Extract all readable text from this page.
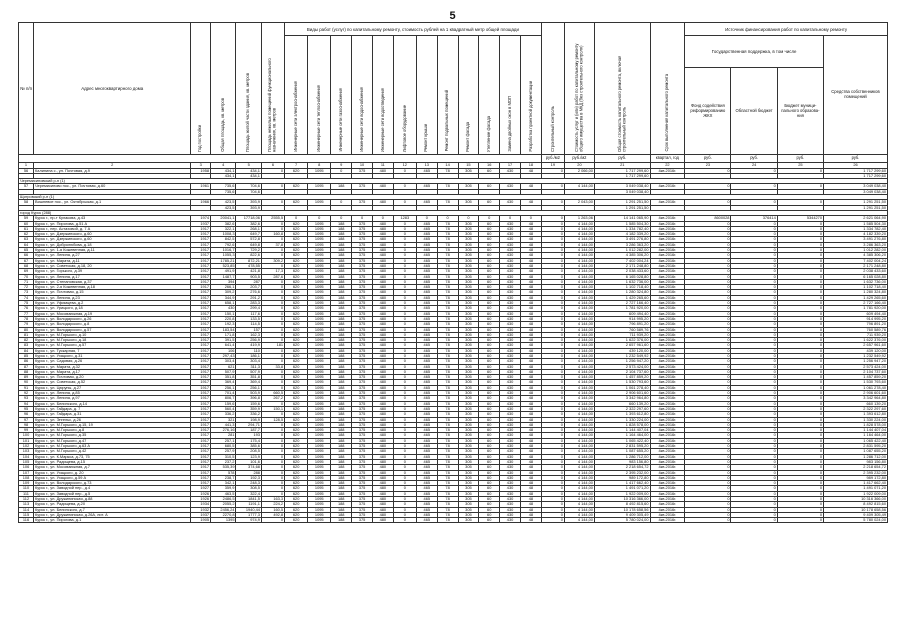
5
№ п/п	Адрес многоквартирного дома	Год постройки	Общая площадь, кв. метров	Площадь жилой части здания, кв. метров	Площадь нежилых помещений функционального назначения, кв. метров	Виды работ (услуг) по капитальному ремонту, стоимость рублей на 1 квадратный метр общей площади												Строительный контроль	Стоимость услуг и (или) работ по капитальному ремонту общего имущества в МКД (без строительного контроля)	Общая стоимость капитального ремонта, включая строительный контроль	Срок выполнения капитального ремонта	Источник финансирования работ по капитальному ремонту			
						Инженерные сети электроснабжения	Инженерные сети теплоснабжения	Инженерные сети газоснабжения	Инженерные сети водоснабжения	Инженерные сети водоотведения	Лифтовое оборудование	Ремонт крыши	Ремонт подвальных помещений	Ремонт фасада	Утепление фасада	Замена двойных окон в МОП	Разработка проектной документации					Государственная поддержка, в том числе			Средства собственников помещений
																						Фонд содействия реформированию ЖКХ	Областной бюджет	Бюджет муници- пального образова- ния	
																		руб./м2	руб./м2	руб.	квартал, год	руб.	руб.	руб.	руб.
1	2	3	4	5	6	7	8	9	10	11	12	13	14	15	16	17	18	19	20	21	22	23	24	25	26
56	Калинина с., ул. Почтовая, д.9	1958	434,1	434,1	0	620	1095	0	375	480	0	465	78	305	60	430	48	0	2 066,00	1 717 299,60	4кв.2016г.	0	0	0	1 717 299,60
			434,1	434,1																1 717 299,60					1 717 299,60
Черемисиновский р-н (1)																									
57	Черемисиново пос., ул. Почтовая, д.60	1961	735,6	704,6	0	620	1095	188	375	480	0	465	78	305	60	430	48	0	4 144,00	3 049 038,40	4кв.2016г.	0	0	0	3 049 038,40
			735,6	704,6																3 049 038,40					3 049 038,40
Щигровский р-н (1)																									
58	Вишневое пос., ул. Октябрьская, д.1	1966	423,5	393,9	0	620	1095	0	375	480	0	465	78	305	60	430	48	0	2 043,00	1 291 251,50	4кв.2016г.	0	0	0	1 291 251,50
			423,5	393,9																1 291 251,50					1 291 251,50
город Курск (288)																									
59	Курск г., пр-т Кулакова, д.43	1974	20041,1	17718,06	2555,5	0	0	0	0	0	1283	0	0	0	0	0	0	0	1 263,06	14 141 065,90	4кв.2016г.	8600028	376414	5344270	2 621 064,90
60	Курск г., ул. Пирогова, д.51 А	1937	382,6	382,6	0	620	1095	188	375	480	0	465	78	305	60	430	48	0	4 144,00	1 585 504,30	4кв.2016г.	0	0	0	1 585 504,30
61	Курск г., пер. Астаховой, д. 7 А	1917	322,1	268,1	0	620	1095	188	375	480	0	465	78	305	60	430	48	0	4 144,00	1 334 782,40	4кв.2016г.	0	0	0	1 334 782,40
62	Курск г., ул. Дзержинского, д.60	1917	1008,3	649,7	160,8	620	1095	188	375	480	0	465	78	305	60	430	48	0	4 144,00	4 182 339,20	4кв.2016г.	0	0	0	4 182 339,20
63	Курск г., ул. Дзержинского, д.60	1917	842,5	572,8	0	620	1095	188	375	480	0	465	78	305	60	430	48	0	4 144,00	3 491 276,80	4кв.2016г.	0	0	0	3 491 276,80
64	Курск г., ул. Добролюбова, д.18	1917	792,6	649,8	37,8	620	1095	188	375	480	0	465	78	305	60	430	48	0	4 144,00	3 286 363,20	4кв.2016г.	0	0	0	3 286 363,20
65	Курск г., ул. 1-я Кожевенная, д.11	1917	1016,7	729,2	0	620	1095	188	375	480	0	465	78	305	60	430	48	0	4 144,00	1 012 282,00	4кв.2016г.	0	0	0	1 012 282,00
66	Курск г., ул. Ленина, д.27	1917	1055,3	822,6	0	620	1095	188	375	480	0	465	78	305	60	430	48	0	4 144,00	4 385 306,20	4кв.2016г.	0	0	0	4 385 306,20
67	Курск г., ул. Марата, д.11	1917	1785,21	872,21	309,2	620	1095	188	375	480	0	465	78	305	60	430	48	0	4 144,00	7 402 004,24	4кв.2016г.	0	0	0	7 402 004,24
68	Курск г., ул. Советская, д.18, 20	1917	523,85	478,55	0	620	1095	188	375	480	0	465	78	305	60	430	48	0	4 144,00	2 171 248,80	4кв.2016г.	0	0	0	2 171 248,80
69	Курск г., ул. Горького, д.39	1917	491,9	421,8	17,3	620	1095	188	375	480	0	465	78	305	60	430	48	0	4 144,00	2 038 433,60	4кв.2016г.	0	0	0	2 038 433,60
70	Курск г., ул. Ленина, д.17	1917	1487,7	903,5	287,6	620	1095	188	375	480	0	465	78	305	60	430	48	0	4 144,00	6 165 028,80	4кв.2016г.	0	0	0	6 165 028,80
71	Курск г., ул. Степановская, д.37	1917	394	287	0	620	1095	188	375	480	0	465	78	305	60	430	48	0	4 144,00	1 632 736,00	4кв.2016г.	0	0	0	1 632 736,00
72	Курск г., ул. 2-я Кожевенная, д.18	1917	266,1	203,7	0	620	1095	188	375	480	0	465	78	305	60	430	48	0	4 144,00	1 102 718,40	4кв.2016г.	0	0	0	1 102 718,40
73	Курск г., ул. Почтовая, д.15	1917	309,2	276,6	0	620	1095	188	375	480	0	465	78	305	60	430	48	0	4 144,00	1 280 324,80	4кв.2016г.	0	0	0	1 280 324,80
74	Курск г., ул. Ленина, д.23	1917	344,9	291,2	0	620	1095	188	375	480	0	465	78	305	60	430	48	0	4 144,00	1 429 265,60	4кв.2016г.	0	0	0	1 429 265,60
75	Курск г., ул. Уфимцева, д.2	1917	658,1	283,3	0	620	1095	188	375	480	0	465	78	305	60	430	48	0	4 144,00	2 727 166,40	4кв.2016г.	0	0	0	2 727 166,40
76	Курск г., ул. Урицкого, д.18	1917	430	299,4	0	620	1095	188	375	480	0	465	78	305	60	430	48	0	4 144,00	1 781 920,00	4кв.2016г.	0	0	0	1 781 920,00
77	Курск г., ул. Мосоваюжная, д.19	1917	150,1	117,6	0	620	1095	188	375	480	0	465	78	305	60	430	48	0	4 144,00	609 494,40	4кв.2016г.	0	0	0	609 494,40
78	Курск г., ул. Володарского, д.26	1917	220,8	133,5	0	620	1095	188	375	480	0	465	78	305	60	430	48	0	4 144,00	914 995,20	4кв.2016г.	0	0	0	914 995,20
79	Курск г., ул. Володарского, д.8	1917	192,3	114,5	0	620	1095	188	375	480	0	465	78	305	60	430	48	0	4 144,00	796 891,20	4кв.2016г.	0	0	0	796 891,20
80	Курск г., ул. Володарского, д.57	1917	183,54	157	0	620	1095	188	375	480	0	465	78	305	60	430	48	0	4 144,00	760 589,76	4кв.2016г.	0	0	0	760 589,76
81	Курск г., ул. М.Горького, д.10	1917	171,8	162,3	0	620	1095	188	375	480	0	465	78	305	60	430	48	0	4 144,00	711 939,20	4кв.2016г.	0	0	0	711 939,20
82	Курск г., ул. М.Горького, д.18	1917	391,5	256,9	0	620	1095	188	375	480	0	465	78	305	60	430	48	0	4 144,00	1 622 376,00	4кв.2016г.	0	0	0	1 622 376,00
83	Курск г., ул. М.Горького, д.57	1917	641,4	419,9	181	620	1095	188	375	480	0	465	78	305	60	430	48	0	4 144,00	2 657 961,60	4кв.2016г.	0	0	0	2 657 961,60
84	Курск г., ул. Тускарная, 7	1917	106	110	0	620	1095	188	375	480	0	465	78	305	60	430	48	0	4 144,00	439 120,00	4кв.2016г.	0	0	0	439 120,00
85	Курск г., ул. Ухацкого, д.31	1917	297,43	186,1	0	620	1095	188	375	480	0	465	78	305	60	430	48	0	4 144,00	1 232 549,92	4кв.2016г.	0	0	0	1 232 549,92
86	Курск г., ул. Садовая, д.26	1917	303,4	303,4	0	620	1095	188	375	480	0	465	78	305	60	430	48	0	4 144,00	1 256 947,20	4кв.2016г.	0	0	0	1 256 947,20
87	Курск г., ул. Марата, д.32	1917	621	311,3	33,8	620	1095	188	375	480	0	465	78	305	60	430	48	0	4 144,00	2 573 424,00	4кв.2016г.	0	0	0	2 573 424,00
88	Курск г., ул. Марата, д.17	1917	507,9	507,9	0	620	1095	188	375	480	0	465	78	305	60	430	48	0	4 144,00	2 104 737,60	4кв.2016г.	0	0	0	2 104 737,60
89	Курск г., ул. Почтовая, д.20	1917	351,8	351,8	0	620	1095	188	375	480	0	465	78	305	60	430	48	0	4 144,00	1 457 859,20	4кв.2016г.	0	0	0	1 457 859,20
90	Курск г., ул. Советская, д.52	1917	369,4	369,4	0	620	1095	188	375	480	0	465	78	305	60	430	48	0	4 144,00	1 530 793,60	4кв.2016г.	0	0	0	1 530 793,60
91	Курск г., ул. Цюрупы, д.27	1917	256,1	256,1	0	620	1095	188	375	480	0	465	78	305	60	430	48	0	4 144,00	1 061 278,40	4кв.2016г.	0	0	0	1 061 278,40
92	Курск г., ул. Ленина, д.85	1917	701,4	503,9	660,5	620	1095	188	375	480	0	465	78	305	60	430	48	0	4 144,00	2 906 601,60	4кв.2016г.	0	0	0	2 906 601,60
93	Курск г., ул. Ленина, д.97	1917	806,7	396,8	267,2	620	1095	188	375	480	0	465	78	305	60	430	48	0	4 144,00	3 342 964,80	4кв.2016г.	0	0	0	3 342 964,80
94	Курск г., ул. Белинского, д.14	1917	159,6	159,6	0	620	1095	188	375	480	0	465	78	305	60	430	48	0	4 144,00	660 139,20	4кв.2016г.	0	0	0	660 139,20
95	Курск г., ул. Гайдара, д. 7	1917	560,4	359,9	150,1	620	1095	188	375	480	0	465	78	305	60	430	48	0	4 144,00	2 322 297,60	4кв.2016г.	0	0	0	2 322 297,60
96	Курск г., ул. Гайдара, д.31	1917	336,2	336,2	0	620	1095	188	375	480	0	465	78	305	60	430	48	0	4 144,00	1 393 612,80	4кв.2016г.	0	0	0	1 393 612,80
97	Курск г., ул. Энгельс, д.26	1917	321	198,9	128,5	620	1095	188	375	480	0	465	78	305	60	430	48	0	4 144,00	1 330 224,00	4кв.2016г.	0	0	0	1 330 224,00
98	Курск г., ул. М.Горького, д.15, 19	1917	441,3	294,71	0	620	1095	188	375	480	0	465	78	305	60	430	48	0	4 144,00	1 828 578,00	4кв.2016г.	0	0	0	1 828 578,00
99	Курск г., ул. М.Горького, д.8	1917	276,16	187,7	0	620	1095	188	375	480	0	465	78	305	60	430	48	0	4 144,00	1 144 407,04	4кв.2016г.	0	0	0	1 144 407,04
100	Курск г., ул. М.Горького, д.35	1917	281	193	0	620	1095	188	375	480	0	465	78	305	60	430	48	0	4 144,00	1 164 464,00	4кв.2016г.	0	0	0	1 164 464,00
101	Курск г., ул. М.Горького, д.47	1917	257,1	175,4	0	620	1095	188	375	480	0	465	78	305	60	430	48	0	4 144,00	1 065 422,40	4кв.2016г.	0	0	0	1 065 422,40
102	Курск г., ул. М.Горького, д.63 А	1917	680,5	385,6	0	620	1095	188	375	480	0	465	78	305	60	430	48	0	4 144,00	2 831 595,20	4кв.2016г.	0	0	0	2 831 595,20
103	Курск г., ул. М.Горького, д.42	1917	257,9	208,5	0	620	1095	188	375	480	0	465	78	305	60	430	48	0	4 144,00	1 087 655,20	4кв.2016г.	0	0	0	1 087 655,20
104	Курск г., ул. К.Маркса, д.73, 75	1917	310,5	123,9	0	620	1095	188	375	480	0	465	78	305	60	430	48	0	4 144,00	1 286 712,00	4кв.2016г.	0	0	0	1 286 712,00
105	Курск г., ул. Радищева, д.15	1917	237,2	101,6	0	620	1095	188	375	480	0	465	78	305	60	430	48	0	4 144,00	983 156,80	4кв.2016г.	0	0	0	983 156,80
106	Курск г., ул. Мосоваюжная, д.7	1917	535,39	374,68	0	620	1095	188	375	480	0	465	78	305	60	430	48	0	4 144,00	2 218 654,72	4кв.2016г.	0	0	0	2 218 654,72
107	Курск г., ул. Ухацкого, д. 20	1917	578	288	0	620	1095	188	375	480	0	465	78	305	60	430	48	0	4 144,00	2 395 232,00	4кв.2016г.	0	0	0	2 395 232,00
108	Курск г., ул. Ухацкого, д.59 А	1917	238,7	192,3	0	620	1095	188	375	480	0	465	78	305	60	430	48	0	4 144,00	989 172,80	4кв.2016г.	0	0	0	989 172,80
109	Курск г., ул. Володарского, д.73	1917	342,1	248,3	0	620	1095	188	375	480	0	465	78	305	60	430	48	0	4 144,00	1 417 662,40	4кв.2016г.	0	0	0	1 417 662,40
110	Курск г., ул. Заводной пер., д.4	1927	359,9	308,5	0	620	1095	188	375	480	0	465	78	305	60	430	48	0	4 144,00	1 491 071,20	4кв.2016г.	0	0	0	1 491 071,20
111	Курск г., ул. Заводной пер., д.5	1926	463,5	322,4	0	620	1095	188	375	480	0	465	78	305	60	430	48	0	4 144,00	1 922 009,00	4кв.2016г.	0	0	0	1 922 009,00
112	Курск г., ул. Дружининская, д.88	1926	2486,5	1841,5	163,3	620	1095	188	375	480	0	465	78	305	60	430	48	0	4 144,00	10 316 366,00	4кв.2016г.	0	0	0	10 316 366,00
113	Курск г., ул. Радищева, д.20	1934	2055,2	1191,1	224,2	620	1095	188	375	480	0	465	78	305	60	430	48	0	4 144,00	8 492 815,60	4кв.2016г.	0	0	0	8 492 815,60
114	Курск г., ул. Белинского, д.7	1932	2456,24	1940,44	160,5	620	1095	188	375	480	0	465	78	305	60	430	48	0	4 144,00	10 178 658,56	4кв.2016г.	0	0	0	10 178 658,56
115	Курск г., ул. Дружининская, д.26А, лит. А	1937	2270,8	1777,3	492,8	620	1095	188	375	480	0	465	78	305	60	430	48	0	4 144,00	9 409 305,49	4кв.2016г.	0	0	0	9 409 305,49
116	Курск г., ул. Пирогова, д.1	1905	1395	974,9	0	620	1095	188	375	480	0	465	78	305	60	430	48	0	4 144,00	5 780 024,00	4кв.2016г.	0	0	0	5 780 024,00
